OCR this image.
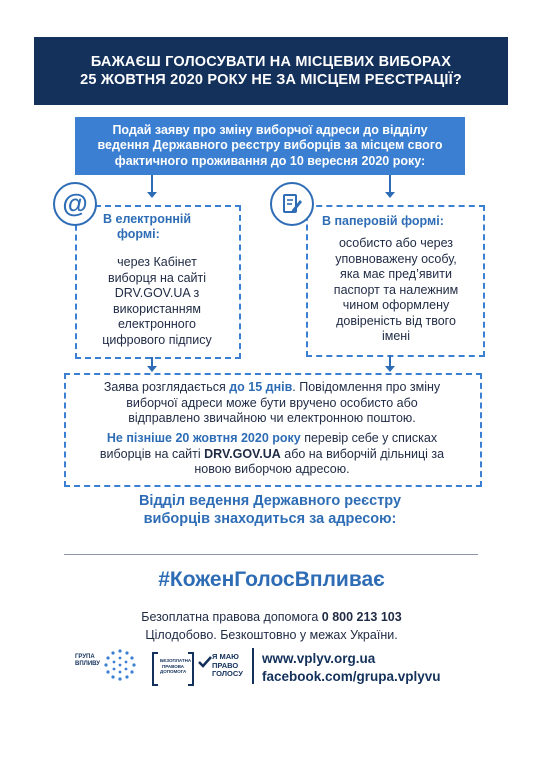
БАЖАЄШ ГОЛОСУВАТИ НА МІСЦЕВИХ ВИБОРАХ
25 ЖОВТНЯ 2020 РОКУ НЕ ЗА МІСЦЕМ РЕЄСТРАЦІЇ?
Подай заяву про зміну виборчої адреси до відділу
ведення Державного реєстру виборців за місцем свого
фактичного проживання до 10 вересня 2020 року:
@
В електронній
формі:
через Кабінет
виборця на сайті
DRV.GOV.UA з
використанням
електронного
цифрового підпису
В паперовій формі:
особисто або через
уповноважену особу,
яка має пред’явити
паспорт та належним
чином оформлену
довіреність від твого
імені
Заява розглядається до 15 днів. Повідомлення про зміну
виборчої адреси може бути вручено особисто або
відправлено звичайною чи електронною поштою.
Не пізніше 20 жовтня 2020 року перевір себе у списках
виборців на сайті DRV.GOV.UA або на виборчій дільниці за
новою виборчою адресою.
Відділ ведення Державного реєстру
виборців знаходиться за адресою:
#КоженГолосВпливає
Безоплатна правова допомога 0 800 213 103
Цілодобово. Безкоштовно у межах України.
ГРУПА
ВПЛИВУ
БЕЗОПЛАТНА ПРАВОВА ДОПОМОГА
Я МАЮ
ПРАВО
ГОЛОСУ
www.vplyv.org.ua
facebook.com/grupa.vplyvu
